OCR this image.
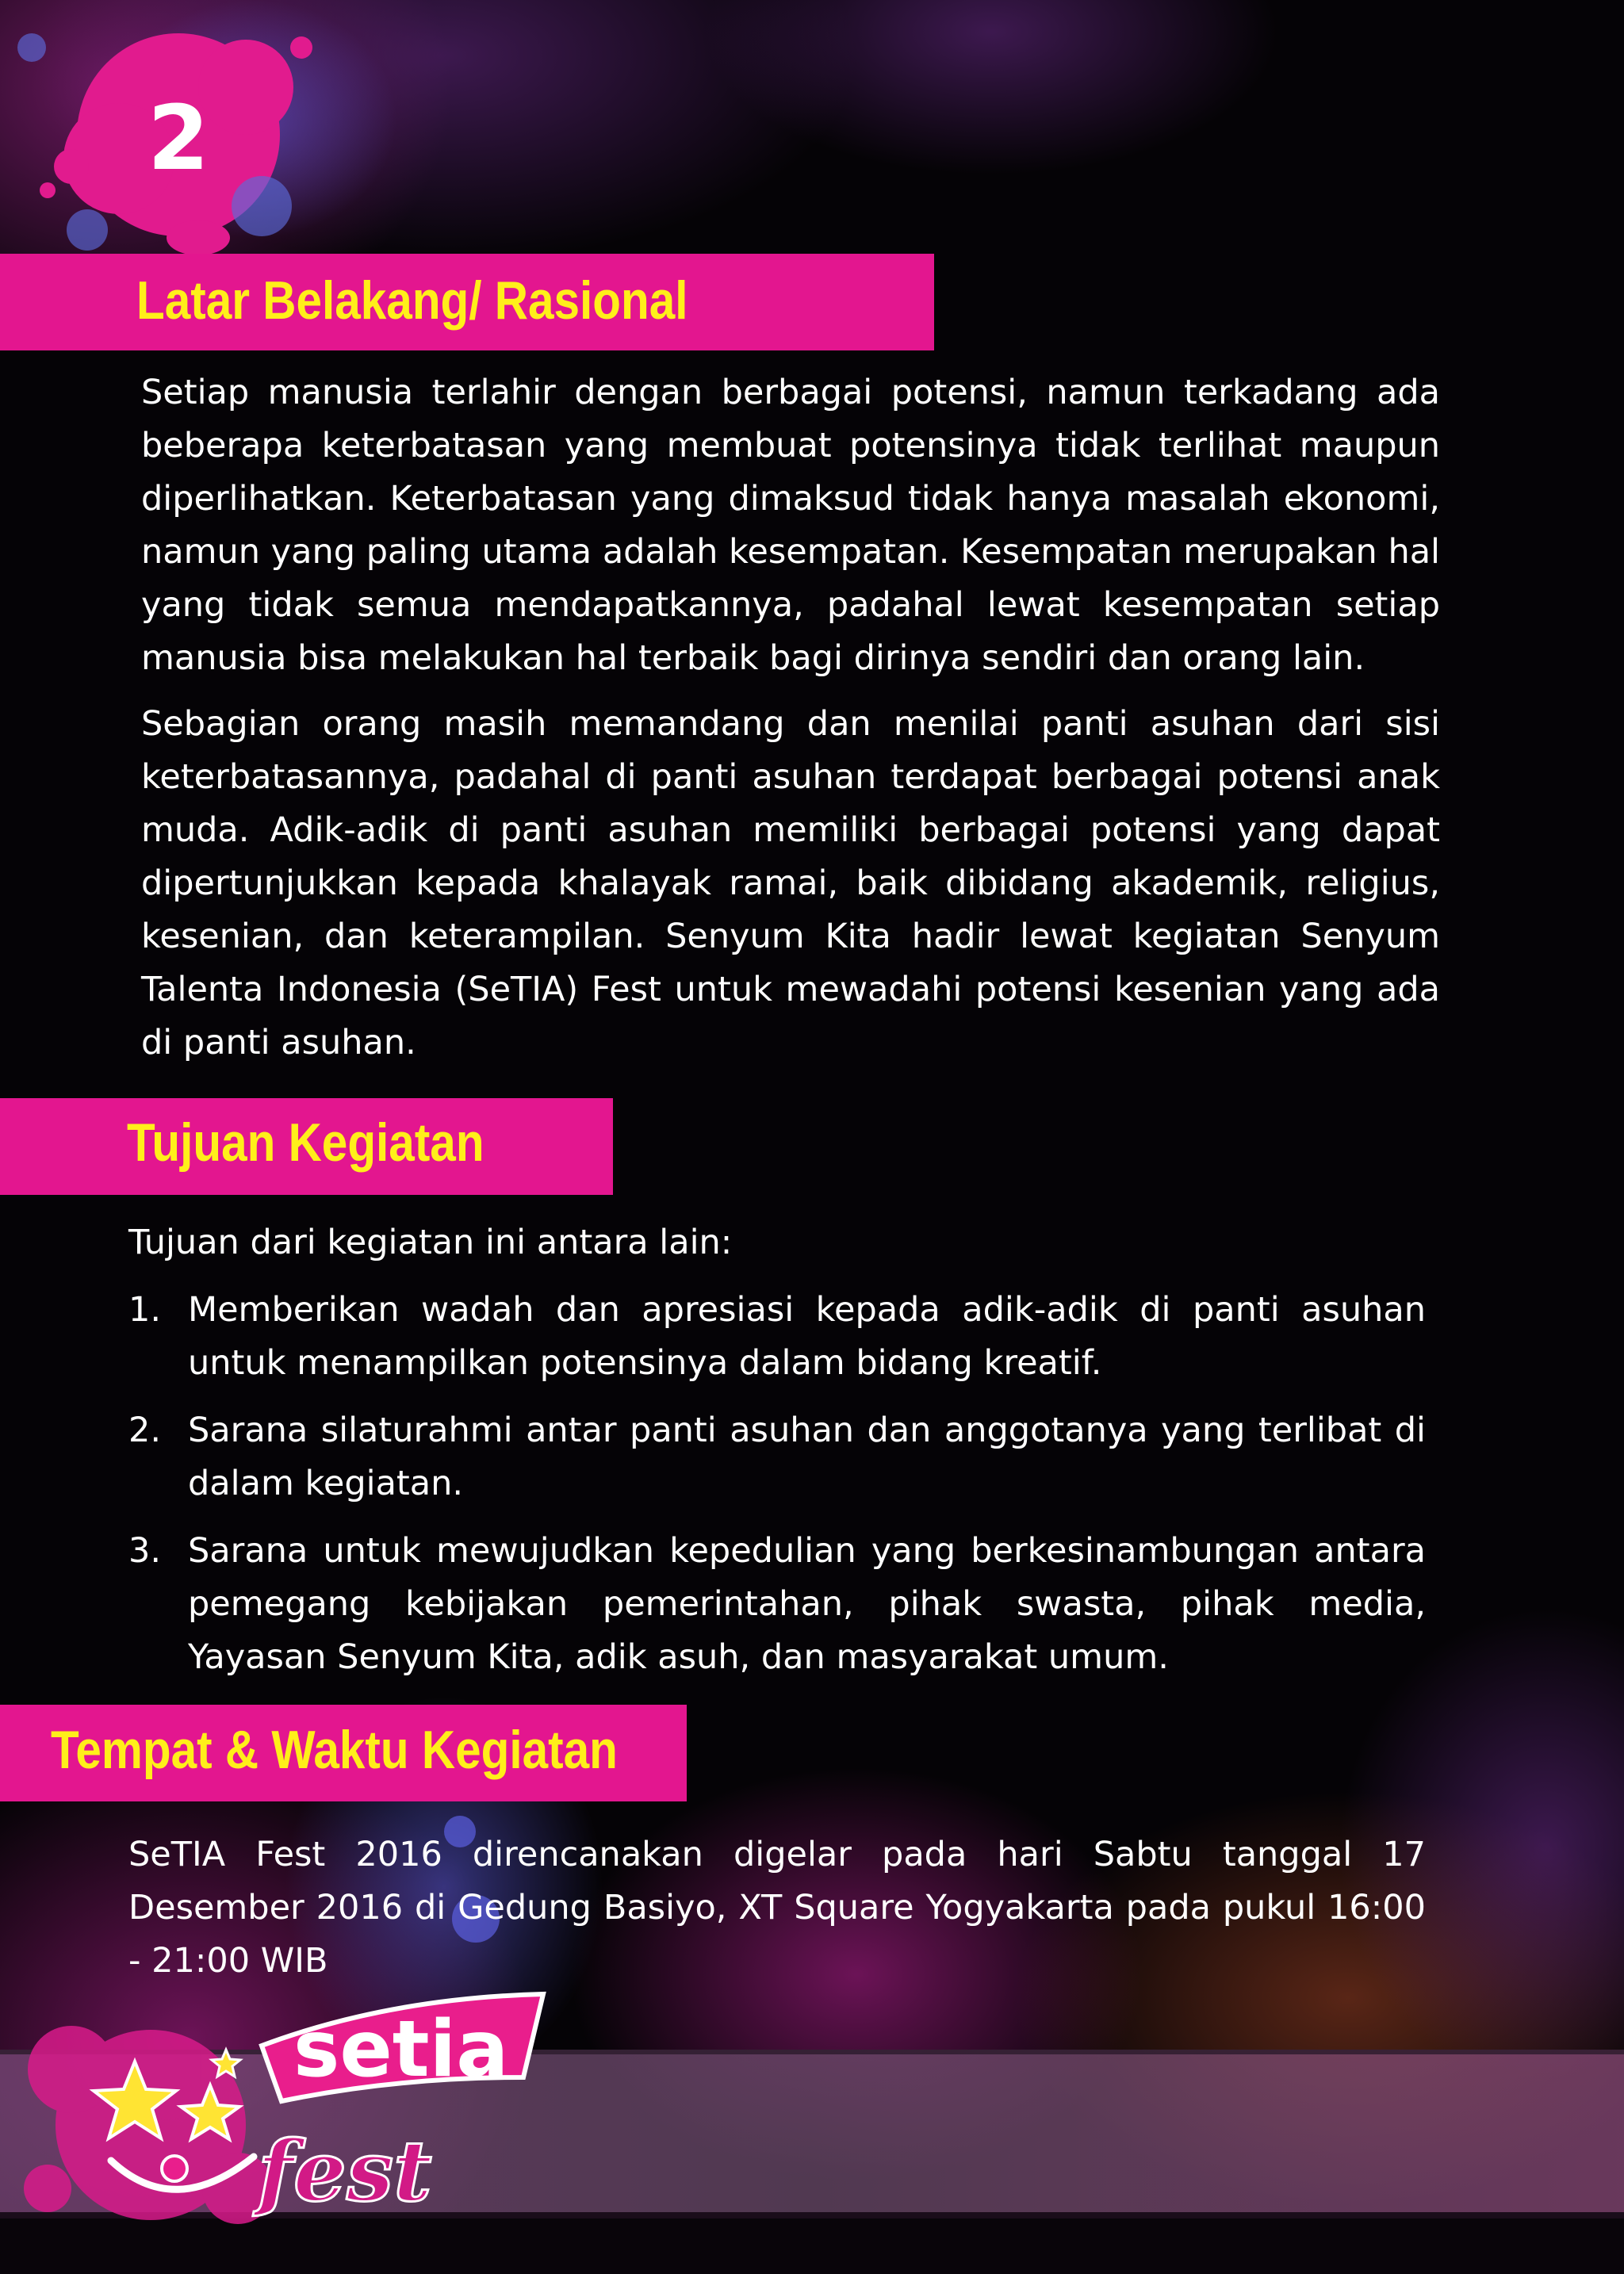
2
Latar Belakang/ Rasional

Setiap manusia terlahir dengan berbagai potensi, namun terkadang ada beberapa keterbatasan yang membuat potensinya tidak terlihat maupun diperlihatkan. Keterbatasan yang dimaksud tidak hanya masalah ekonomi, namun yang paling utama adalah kesempatan. Kesempatan merupakan hal yang tidak semua mendapatkannya, padahal lewat kesempatan setiap manusia bisa melakukan hal terbaik bagi dirinya sendiri dan orang lain.

Sebagian orang masih memandang dan menilai panti asuhan dari sisi keterbatasannya, padahal di panti asuhan terdapat berbagai potensi anak muda. Adik-adik di panti asuhan memiliki berbagai potensi yang dapat dipertunjukkan kepada khalayak ramai, baik dibidang akademik, religius, kesenian, dan keterampilan. Senyum Kita hadir lewat kegiatan Senyum Talenta Indonesia (SeTIA) Fest untuk mewadahi potensi kesenian yang ada di panti asuhan.

Tujuan Kegiatan

Tujuan dari kegiatan ini antara lain:

1. Memberikan wadah dan apresiasi kepada adik-adik di panti asuhan untuk menampilkan potensinya dalam bidang kreatif.
2. Sarana silaturahmi antar panti asuhan dan anggotanya yang terlibat di dalam kegiatan.
3. Sarana untuk mewujudkan kepedulian yang berkesinambungan antara pemegang kebijakan pemerintahan, pihak swasta, pihak media, Yayasan Senyum Kita, adik asuh, dan masyarakat umum.
Tempat & Waktu Kegiatan
SeTIA Fest 2016 direncanakan digelar pada hari Sabtu tanggal 17 Desember 2016 di Gedung Basiyo, XT Square Yogyakarta pada pukul 16:00 - 21:00 WIB
setia
fest
